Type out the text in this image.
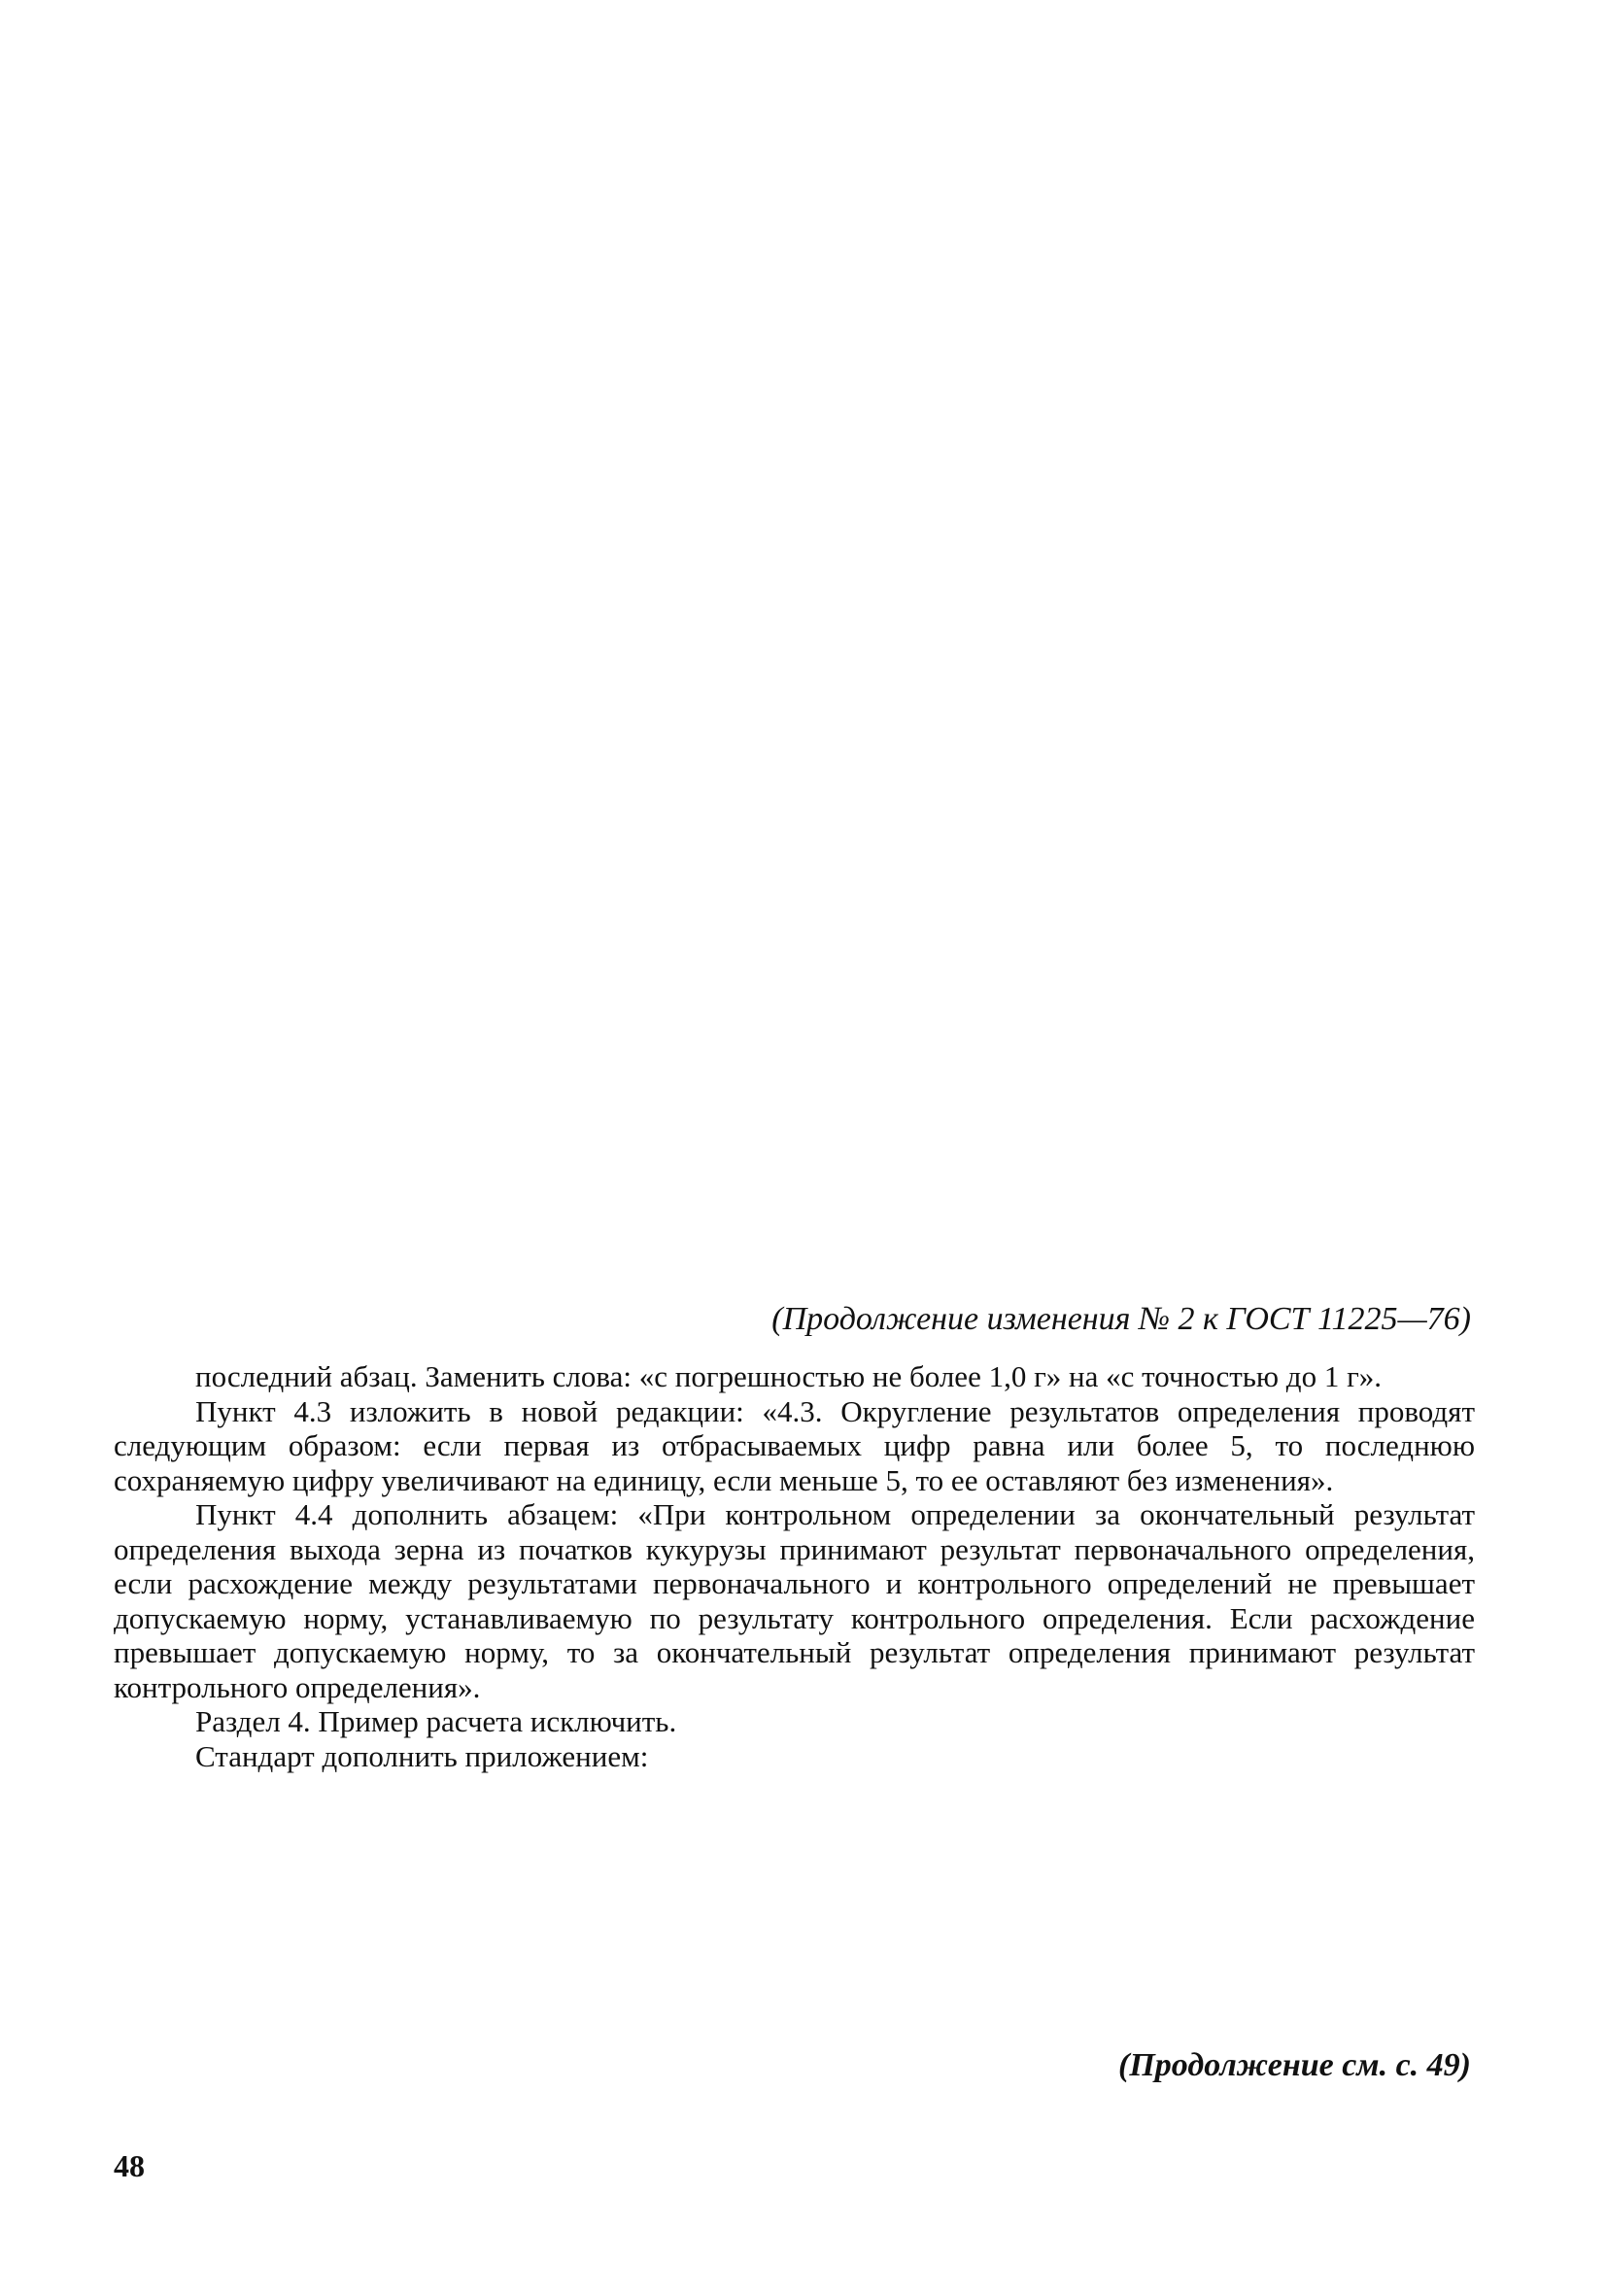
(Продолжение изменения № 2 к ГОСТ 11225—76)

последний абзац. Заменить слова: «с погрешностью не более 1,0 г» на «с точностью до 1 г».

Пункт 4.3 изложить в новой редакции: «4.3. Округление результатов определения проводят следующим образом: если первая из отбрасываемых цифр равна или более 5, то последнюю сохраняемую цифру увеличивают на единицу, если меньше 5, то ее оставляют без изменения».

Пункт 4.4 дополнить абзацем: «При контрольном определении за окончательный результат определения выхода зерна из початков кукурузы принимают результат первоначального определения, если расхождение между результатами первоначального и контрольного определений не превышает допускаемую норму, устанавливаемую по результату контрольного определения. Если расхождение превышает допускаемую норму, то за окончательный результат определения принимают результат контрольного определения».

Раздел 4. Пример расчета исключить.

Стандарт дополнить приложением:

(Продолжение см. с. 49)
48
